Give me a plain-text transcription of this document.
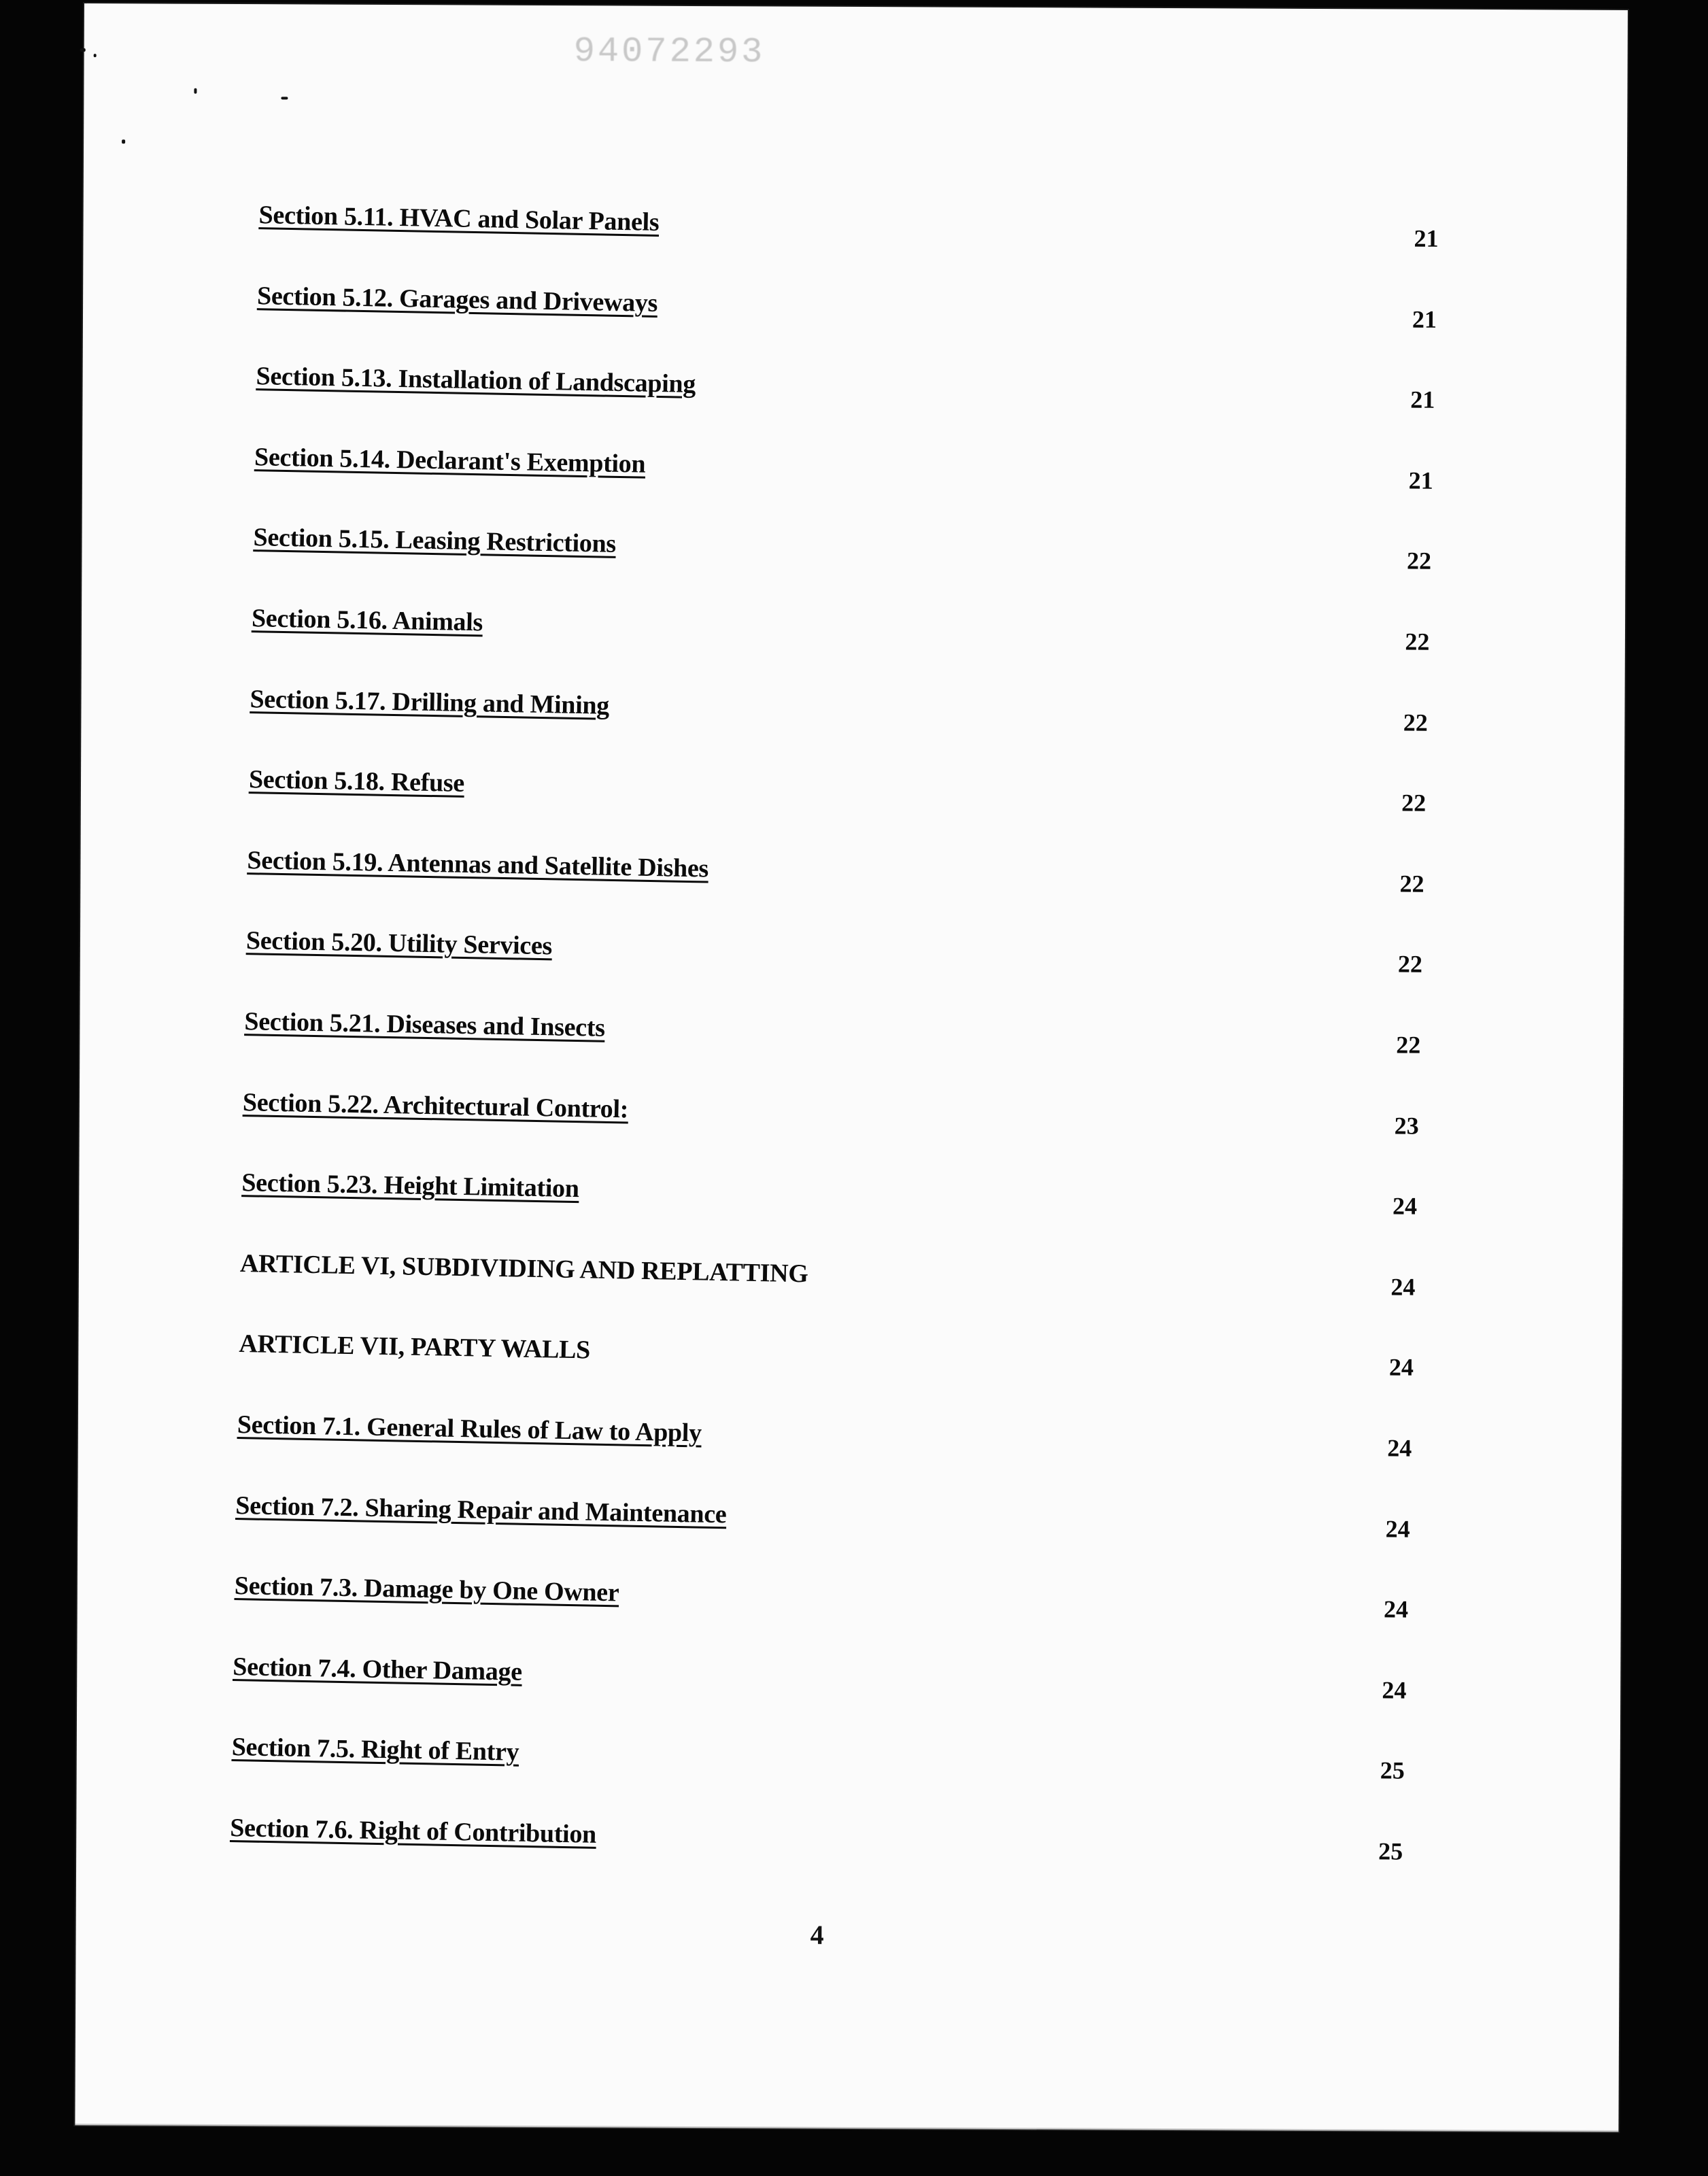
94072293
Section 5.11. HVAC and Solar Panels
21
Section 5.12. Garages and Driveways
21
Section 5.13. Installation of Landscaping
21
Section 5.14. Declarant's Exemption
21
Section 5.15. Leasing Restrictions
22
Section 5.16. Animals
22
Section 5.17. Drilling and Mining
22
Section 5.18. Refuse
22
Section 5.19. Antennas and Satellite Dishes
22
Section 5.20. Utility Services
22
Section 5.21. Diseases and Insects
22
Section 5.22. Architectural Control:
23
Section 5.23. Height Limitation
24
ARTICLE VI, SUBDIVIDING AND REPLATTING	24
ARTICLE VII, PARTY WALLS
24
Section 7.1. General Rules of Law to Apply
24
Section 7.2. Sharing Repair and Maintenance
24
Section 7.3. Damage by One Owner
24
Section 7.4. Other Damage
24
Section 7.5. Right of Entry
25
Section 7.6. Right of Contribution
25
4
